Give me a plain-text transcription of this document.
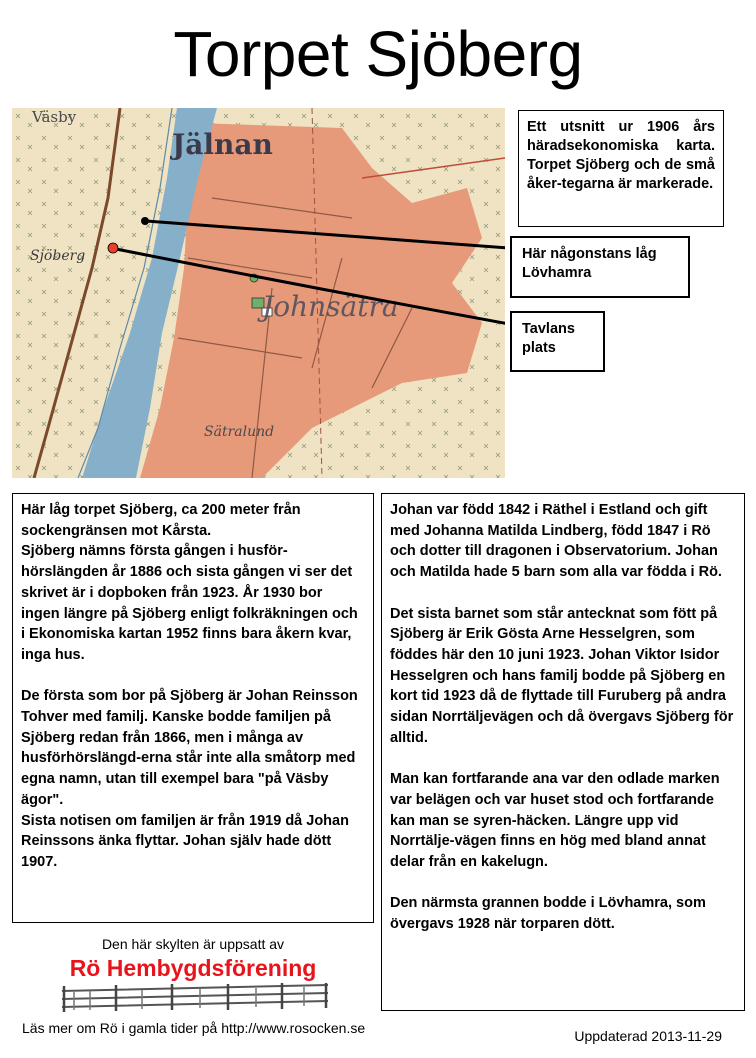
Torpet Sjöberg
Väsby
Jälnan
Sjöberg
Johnsätra
Sätralund
Ett utsnitt ur 1906 års häradsekonomiska karta. Torpet Sjöberg och de små åker-tegarna är markerade.
Här någonstans låg Lövhamra
Tavlans plats

Här låg torpet Sjöberg, ca 200 meter från sockengränsen mot Kårsta.

Sjöberg nämns första gången i husför-hörslängden år 1886 och sista gången vi ser det skrivet är i dopboken från 1923. År 1930 bor ingen längre på Sjöberg enligt folkräkningen och i Ekonomiska kartan 1952 finns bara åkern kvar, inga hus.

De första som bor på Sjöberg är Johan Reinsson Tohver med familj. Kanske bodde familjen på Sjöberg redan från 1866, men i många av husförhörslängd-erna står inte alla småtorp med egna namn, utan till exempel bara "på Väsby ägor".

Sista notisen om familjen är från 1919 då Johan Reinssons änka flyttar. Johan själv hade dött 1907.

Johan var född 1842 i Räthel i Estland och gift med Johanna Matilda Lindberg, född 1847 i Rö och dotter till dragonen i Observatorium. Johan och Matilda hade 5 barn som alla var födda i Rö.

Det sista barnet som står antecknat som fött på Sjöberg är Erik Gösta Arne Hesselgren, som föddes här den 10 juni 1923. Johan Viktor Isidor Hesselgren och hans familj bodde på Sjöberg en kort tid 1923 då de flyttade till Furuberg på andra sidan Norrtäljevägen och då övergavs Sjöberg för alltid.

Man kan fortfarande ana var den odlade marken var belägen och var huset stod och fortfarande kan man se syren-häcken. Längre upp vid Norrtälje-vägen finns en hög med bland annat delar från en kakelugn.

Den närmsta grannen bodde i Lövhamra, som övergavs 1928 när torparen dött.

Den här skylten är uppsatt av
Rö Hembygdsförening
Läs mer om Rö i gamla tider på http://www.rosocken.se	Uppdaterad 2013-11-29
